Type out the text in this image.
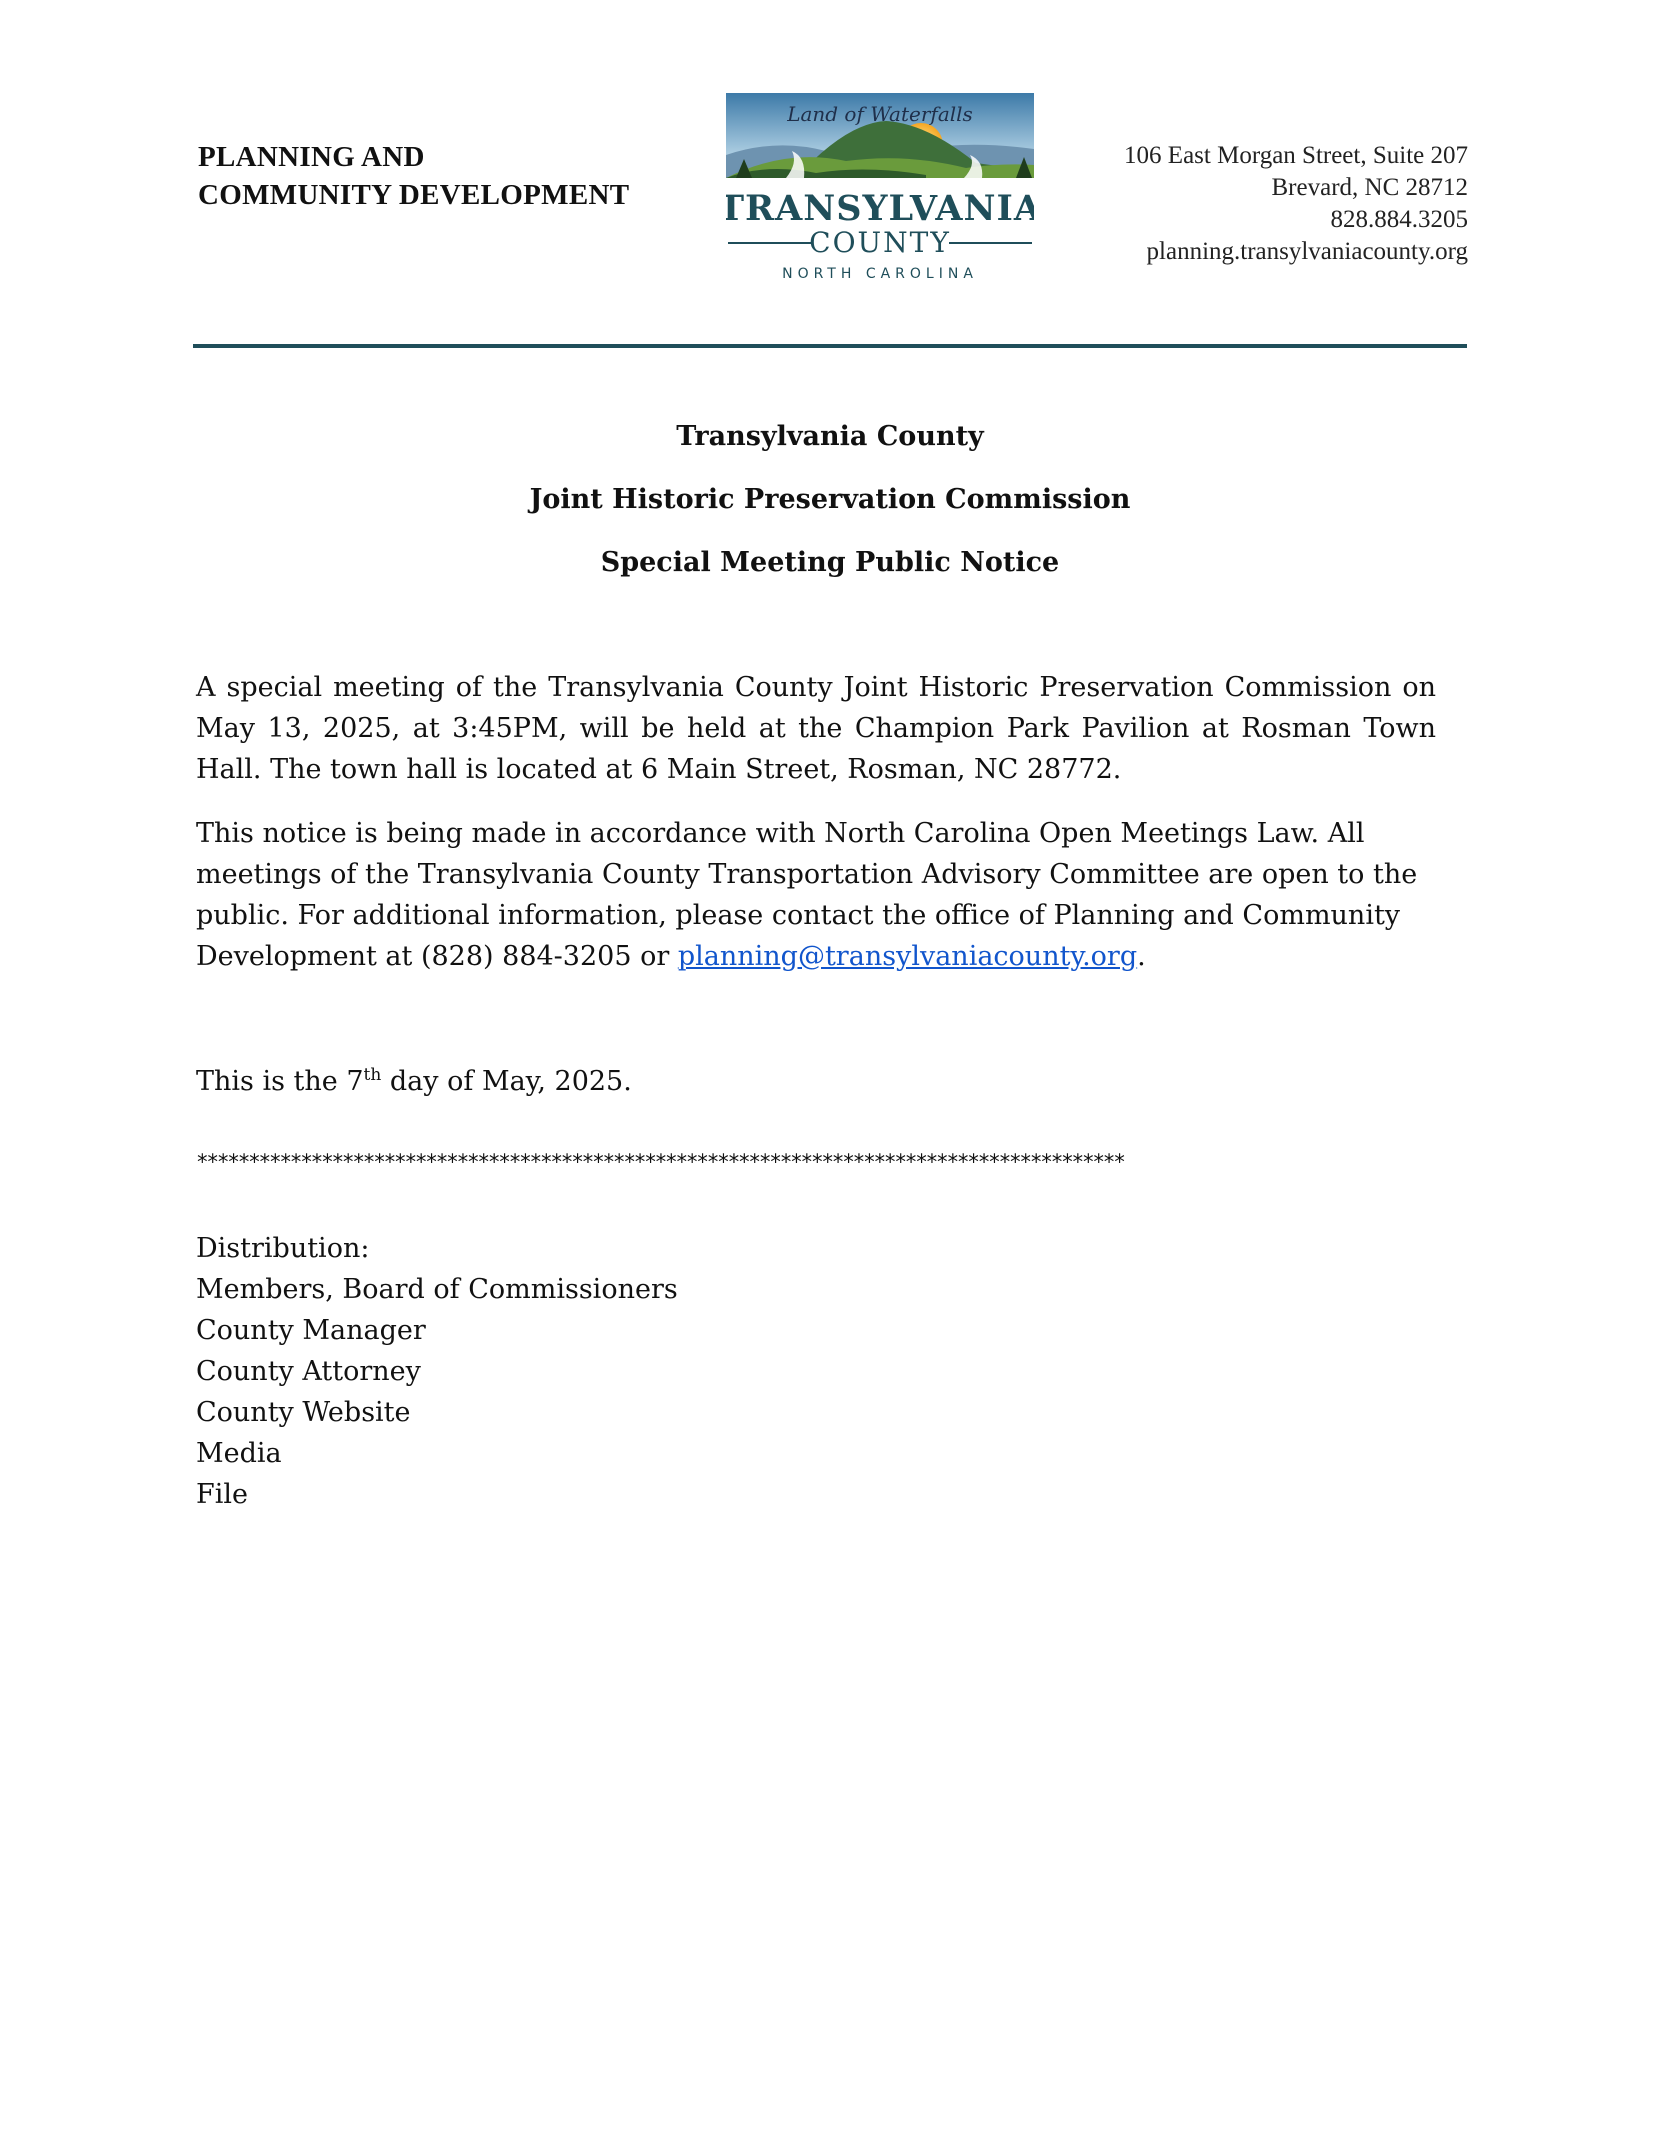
PLANNING AND
COMMUNITY DEVELOPMENT
Land of Waterfalls
TRANSYLVANIA
COUNTY
NORTH CAROLINA
106 East Morgan Street, Suite 207
Brevard, NC 28712
828.884.3205
planning.transylvaniacounty.org
Transylvania County
Joint Historic Preservation Commission
Special Meeting Public Notice

A special meeting of the Transylvania County Joint Historic Preservation Commission on May 13, 2025, at 3:45PM, will be held at the Champion Park Pavilion at Rosman Town Hall. The town hall is located at 6 Main Street, Rosman, NC 28772.

This notice is being made in accordance with North Carolina Open Meetings Law. All meetings of the Transylvania County Transportation Advisory Committee are open to the public. For additional information, please contact the office of Planning and Community Development at (828) 884-3205 or planning@transylvaniacounty.org.

This is the 7th day of May, 2025.
*****************************************************************************************
Distribution:
Members, Board of Commissioners
County Manager
County Attorney
County Website
Media
File
